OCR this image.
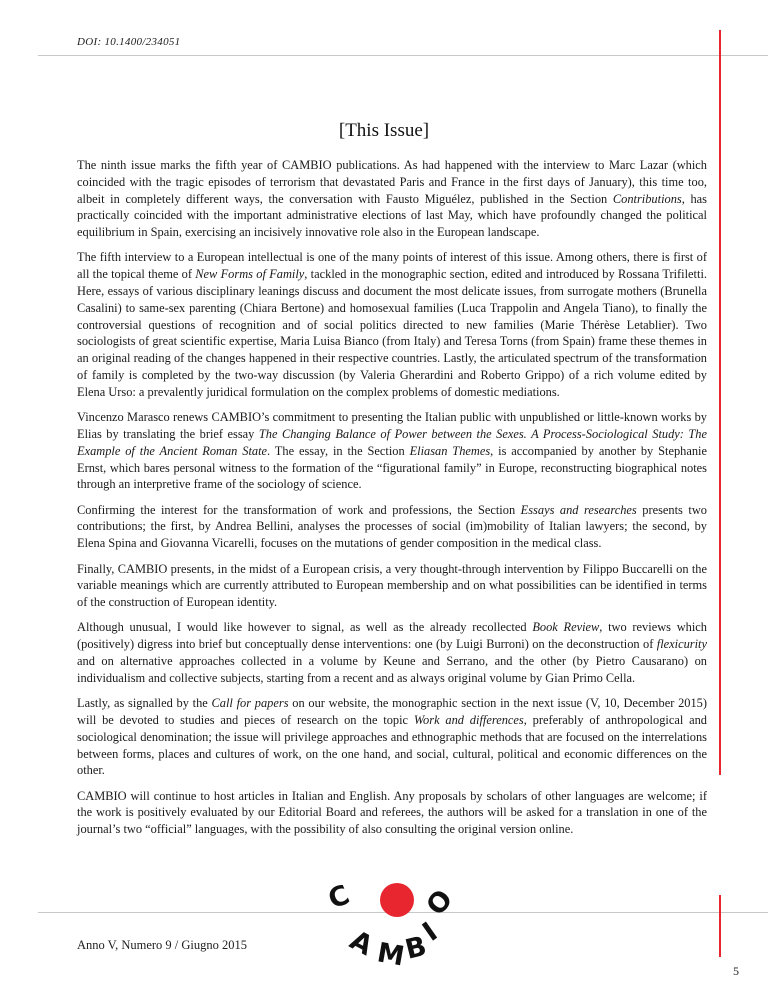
DOI: 10.1400/234051
[This Issue]

The ninth issue marks the fifth year of CAMBIO publications. As had happened with the interview to Marc Lazar (which coincided with the tragic episodes of terrorism that devastated Paris and France in the first days of January), this time too, albeit in completely different ways, the conversation with Fausto Miguélez, published in the Section Contributions, has practically coincided with the important administrative elections of last May, which have profoundly changed the political equilibrium in Spain, exercising an incisively innovative role also in the European landscape.

The fifth interview to a European intellectual is one of the many points of interest of this issue. Among others, there is first of all the topical theme of New Forms of Family, tackled in the monographic section, edited and introduced by Rossana Trifiletti. Here, essays of various disciplinary leanings discuss and document the most delicate issues, from surrogate mothers (Brunella Casalini) to same-sex parenting (Chiara Bertone) and homosexual families (Luca Trappolin and Angela Tiano), to finally the controversial questions of recognition and of social politics directed to new families (Marie Thérèse Letablier). Two sociologists of great scientific expertise, Maria Luisa Bianco (from Italy) and Teresa Torns (from Spain) frame these themes in an original reading of the changes happened in their respective countries. Lastly, the articulated spectrum of the transformation of family is completed by the two-way discussion (by Valeria Gherardini and Roberto Grippo) of a rich volume edited by Elena Urso: a prevalently juridical formulation on the complex problems of domestic mediations.

Vincenzo Marasco renews CAMBIO’s commitment to presenting the Italian public with unpublished or little-known works by Elias by translating the brief essay The Changing Balance of Power between the Sexes. A Process-Sociological Study: The Example of the Ancient Roman State. The essay, in the Section Eliasan Themes, is accompanied by another by Stephanie Ernst, which bares personal witness to the formation of the “figurational family” in Europe, reconstructing biographical notes through an interpretive frame of the sociology of science.

Confirming the interest for the transformation of work and professions, the Section Essays and researches presents two contributions; the first, by Andrea Bellini, analyses the processes of social (im)mobility of Italian lawyers; the second, by Elena Spina and Giovanna Vicarelli, focuses on the mutations of gender composition in the medical class.

Finally, CAMBIO presents, in the midst of a European crisis, a very thought-through intervention by Filippo Buccarelli on the variable meanings which are currently attributed to European membership and on what possibilities can be identified in terms of the construction of European identity.

Although unusual, I would like however to signal, as well as the already recollected Book Review, two reviews which (positively) digress into brief but conceptually dense interventions: one (by Luigi Burroni) on the deconstruction of flexicurity and on alternative approaches collected in a volume by Keune and Serrano, and the other (by Pietro Causarano) on individualism and collective subjects, starting from a recent and as always original volume by Gian Primo Cella.

Lastly, as signalled by the Call for papers on our website, the monographic section in the next issue (V, 10, December 2015) will be devoted to studies and pieces of research on the topic Work and differences, preferably of anthropological and sociological denomination; the issue will privilege approaches and ethnographic methods that are focused on the interrelations between forms, places and cultures of work, on the one hand, and social, cultural, political and economic differences on the other.

CAMBIO will continue to host articles in Italian and English. Any proposals by scholars of other languages are welcome; if the work is positively evaluated by our Editorial Board and referees, the authors will be asked for a translation in one of the journal’s two “official” languages, with the possibility of also consulting the original version online.

Anno V, Numero 9 / Giugno 2015
C
A
M
B
I
O
5
